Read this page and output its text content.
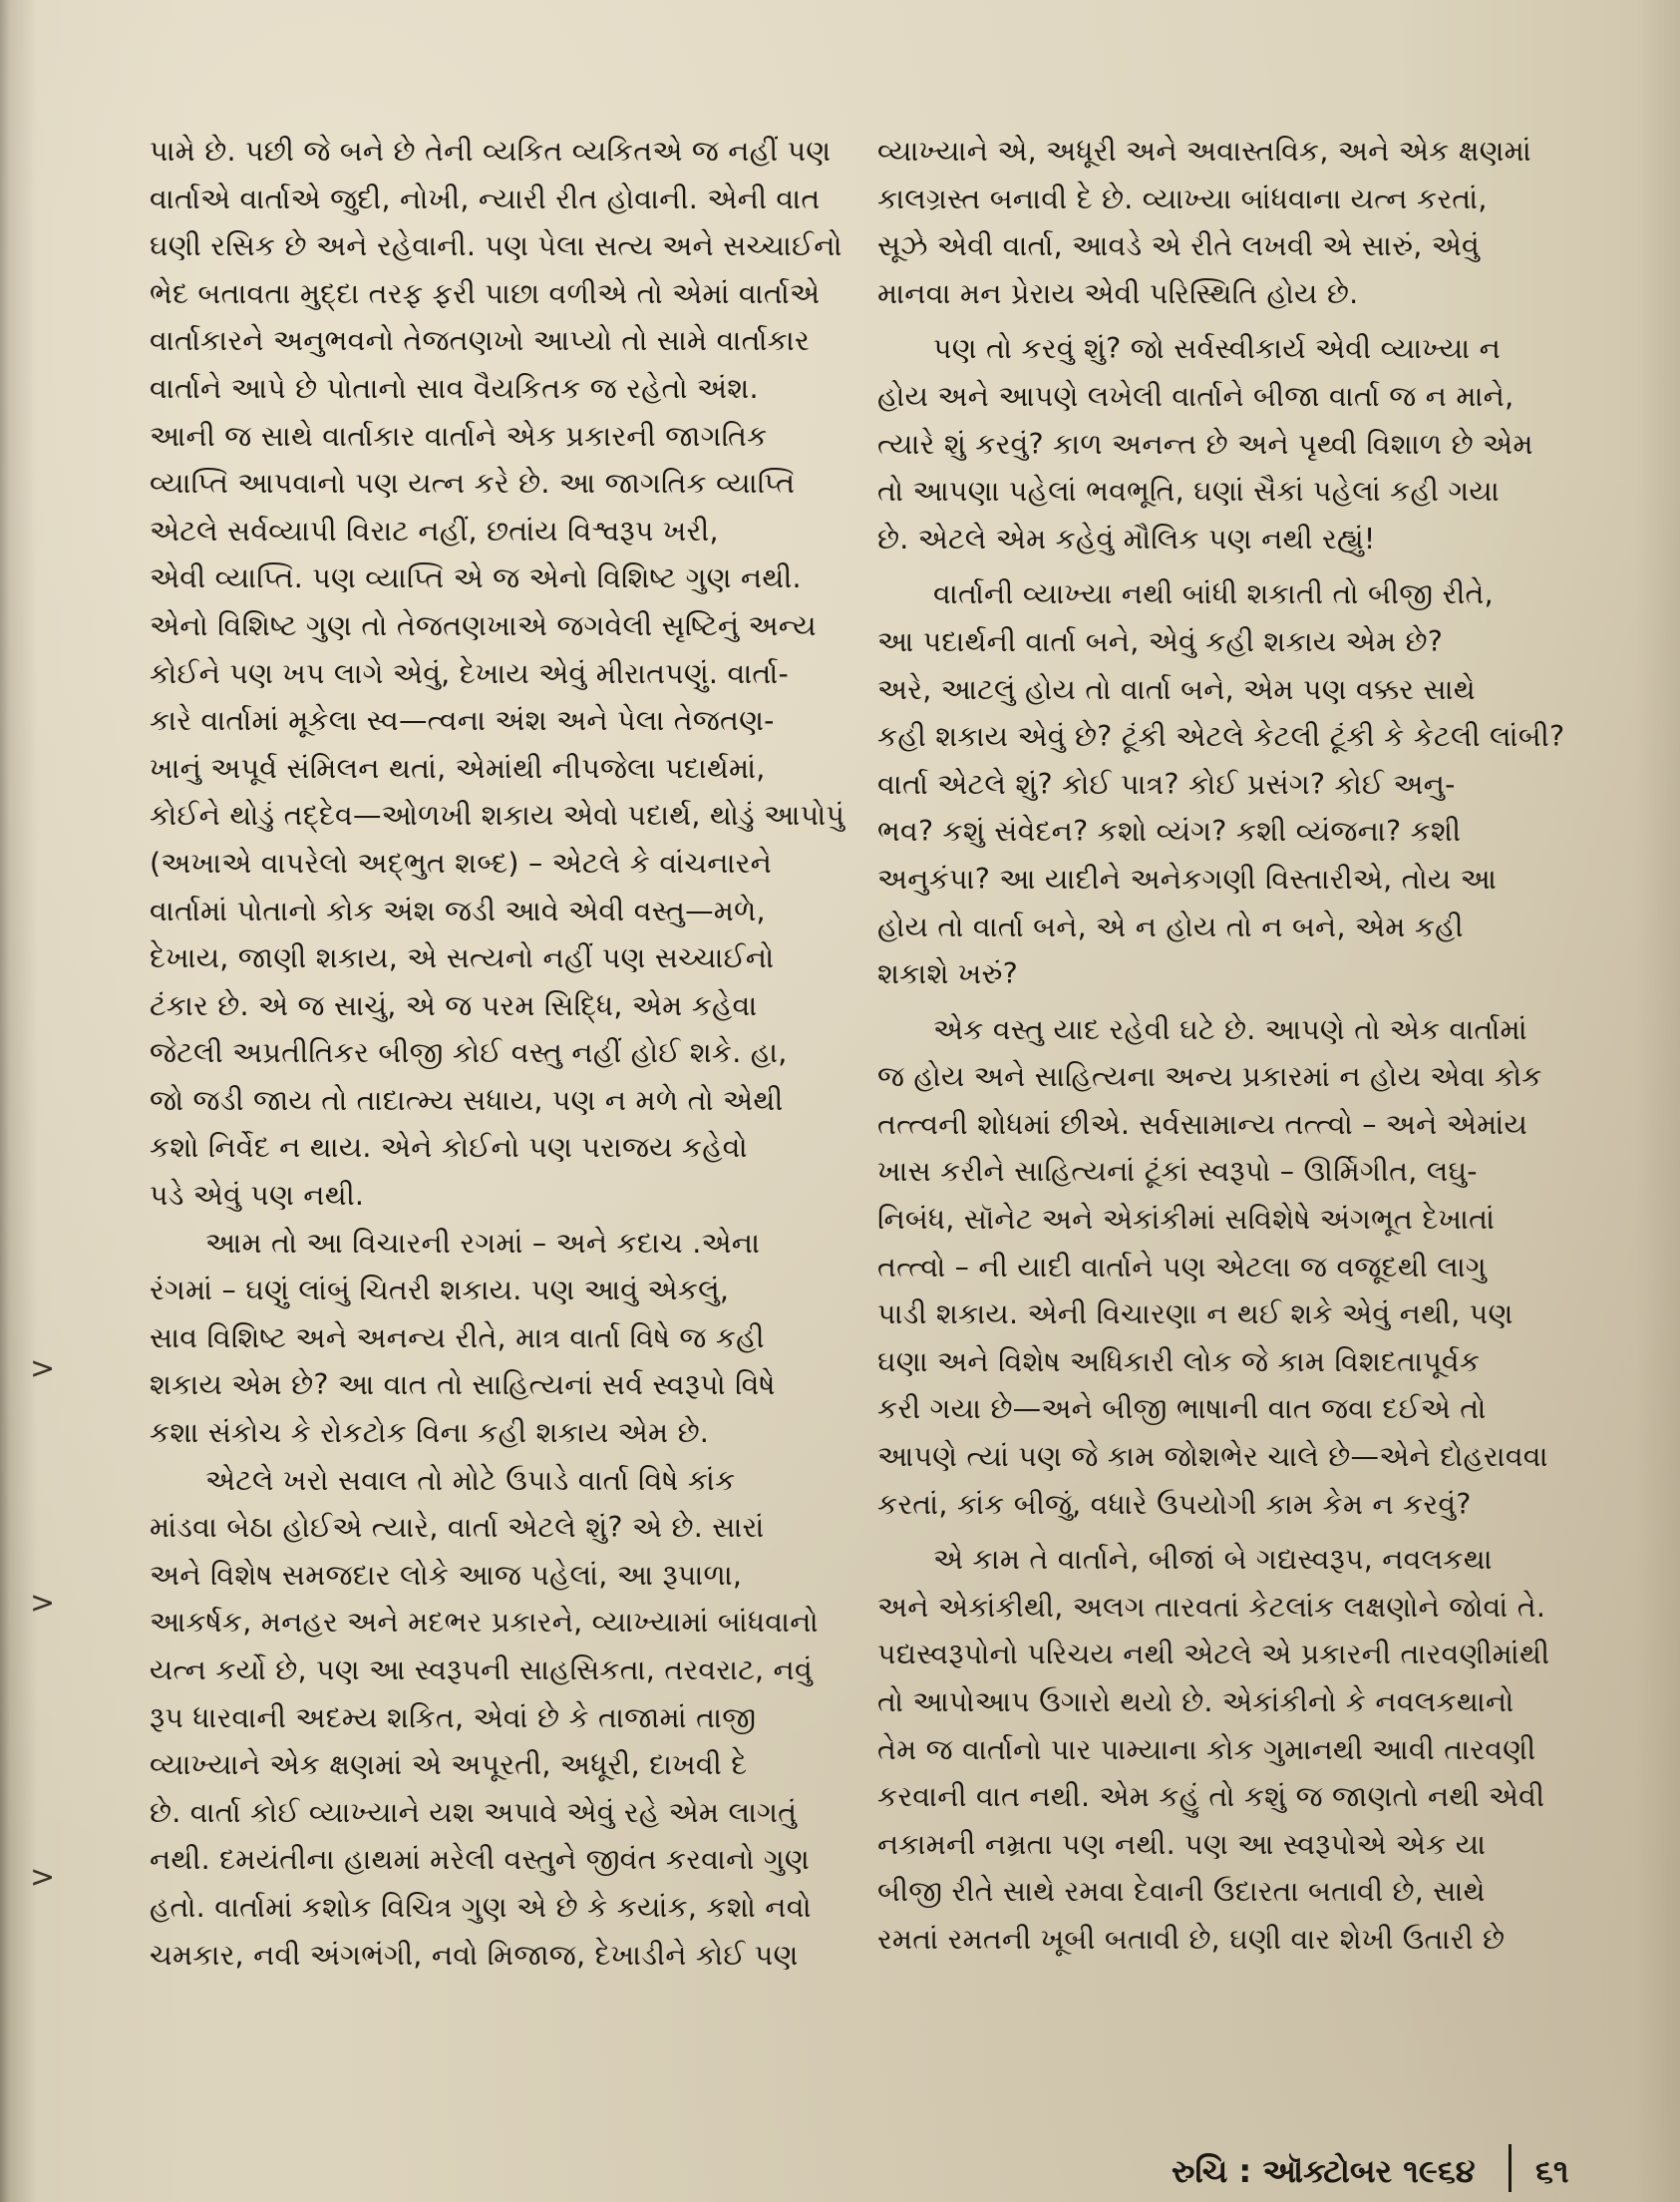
પામે છે. પછી જે બને છે તેની વ્યકિત વ્યકિતએ જ નહીં પણ

વાર્તાએ વાર્તાએ જુદી, નોખી, ન્યારી રીત હોવાની. એની વાત

ઘણી રસિક છે અને રહેવાની. પણ પેલા સત્ય અને સચ્ચાઈનો

ભેદ બતાવતા મુદ્દા તરફ ફરી પાછા વળીએ તો એમાં વાર્તાએ

વાર્તાકારને અનુભવનો તેજતણખો આપ્યો તો સામે વાર્તાકાર

વાર્તાને આપે છે પોતાનો સાવ વૈયકિતક જ રહેતો અંશ.

આની જ સાથે વાર્તાકાર વાર્તાને એક પ્રકારની જાગતિક

વ્યાપ્તિ આપવાનો પણ યત્ન કરે છે. આ જાગતિક વ્યાપ્તિ

એટલે સર્વવ્યાપી વિરાટ નહીં, છતાંય વિશ્વરૂપ ખરી,

એવી વ્યાપ્તિ. પણ વ્યાપ્તિ એ જ એનો વિશિષ્ટ ગુણ નથી.

એનો વિશિષ્ટ ગુણ તો તેજતણખાએ જગવેલી સૃષ્ટિનું અન્ય

કોઈને પણ ખપ લાગે એવું, દેખાય એવું મીરાતપણું. વાર્તા-

કારે વાર્તામાં મૂકેલા સ્વ—ત્વના અંશ અને પેલા તેજતણ-

ખાનું અપૂર્વ સંમિલન થતાં, એમાંથી નીપજેલા પદાર્થમાં,

કોઈને થોડું તદ્દેવ—ઓળખી શકાય એવો પદાર્થ, થોડું આપોપું

(અખાએ વાપરેલો અદ્ભુત શબ્દ) – એટલે કે વાંચનારને

વાર્તામાં પોતાનો કોક અંશ જડી આવે એવી વસ્તુ—મળે,

દેખાય, જાણી શકાય, એ સત્યનો નહીં પણ સચ્ચાઈનો

ટંકાર છે. એ જ સાચું, એ જ પરમ સિદ્ધિ, એમ કહેવા

જેટલી અપ્રતીતિકર બીજી કોઈ વસ્તુ નહીં હોઈ શકે. હા,

જો જડી જાય તો તાદાત્મ્ય સધાય, પણ ન મળે તો એથી

કશો નિર્વેદ ન થાય. એને કોઈનો પણ પરાજય કહેવો

પડે એવું પણ નથી.

આમ તો આ વિચારની રગમાં – અને કદાચ .એના

રંગમાં – ઘણું લાંબું ચિતરી શકાય. પણ આવું એકલું,

સાવ વિશિષ્ટ અને અનન્ય રીતે, માત્ર વાર્તા વિષે જ કહી

શકાય એમ છે? આ વાત તો સાહિત્યનાં સર્વ સ્વરૂપો વિષે

કશા સંકોચ કે રોકટોક વિના કહી શકાય એમ છે.

એટલે ખરો સવાલ તો મોટે ઉપાડે વાર્તા વિષે કાંક

માંડવા બેઠા હોઈએ ત્યારે, વાર્તા એટલે શું? એ છે. સારાં

અને વિશેષ સમજદાર લોકે આજ પહેલાં, આ રૂપાળા,

આકર્ષક, મનહર અને મદભર પ્રકારને, વ્યાખ્યામાં બાંધવાનો

યત્ન કર્યો છે, પણ આ સ્વરૂપની સાહસિકતા, તરવરાટ, નવું

રૂપ ધારવાની અદમ્ય શકિત, એવાં છે કે તાજામાં તાજી

વ્યાખ્યાને એક ક્ષણમાં એ અપૂરતી, અધૂરી, દાખવી દે

છે. વાર્તા કોઈ વ્યાખ્યાને યશ અપાવે એવું રહે એમ લાગતું

નથી. દમયંતીના હાથમાં મરેલી વસ્તુને જીવંત કરવાનો ગુણ

હતો. વાર્તામાં કશોક વિચિત્ર ગુણ એ છે કે કયાંક, કશો નવો

ચમકાર, નવી અંગભંગી, નવો મિજાજ, દેખાડીને કોઈ પણ

વ્યાખ્યાને એ, અધૂરી અને અવાસ્તવિક, અને એક ક્ષણમાં

કાલગ્રસ્ત બનાવી દે છે. વ્યાખ્યા બાંધવાના યત્ન કરતાં,

સૂઝે એવી વાર્તા, આવડે એ રીતે લખવી એ સારું, એવું

માનવા મન પ્રેરાય એવી પરિસ્થિતિ હોય છે.

પણ તો કરવું શું? જો સર્વસ્વીકાર્ય એવી વ્યાખ્યા ન

હોય અને આપણે લખેલી વાર્તાને બીજા વાર્તા જ ન માને,

ત્યારે શું કરવું? કાળ અનન્ત છે અને પૃથ્વી વિશાળ છે એમ

તો આપણા પહેલાં ભવભૂતિ, ઘણાં સૈકાં પહેલાં કહી ગયા

છે. એટલે એમ કહેવું મૌલિક પણ નથી રહ્યું!

વાર્તાની વ્યાખ્યા નથી બાંધી શકાતી તો બીજી રીતે,

આ પદાર્થની વાર્તા બને, એવું કહી શકાય એમ છે?

અરે, આટલું હોય તો વાર્તા બને, એમ પણ વક્કર સાથે

કહી શકાય એવું છે? ટૂંકી એટલે કેટલી ટૂંકી કે કેટલી લાંબી?

વાર્તા એટલે શું? કોઈ પાત્ર? કોઈ પ્રસંગ? કોઈ અનુ-

ભવ? કશું સંવેદન? કશો વ્યંગ? કશી વ્યંજના? કશી

અનુકંપા? આ યાદીને અનેકગણી વિસ્તારીએ, તોય આ

હોય તો વાર્તા બને, એ ન હોય તો ન બને, એમ કહી

શકાશે ખરું?

એક વસ્તુ યાદ રહેવી ઘટે છે. આપણે તો એક વાર્તામાં

જ હોય અને સાહિત્યના અન્ય પ્રકારમાં ન હોય એવા કોક

તત્ત્વની શોધમાં છીએ. સર્વસામાન્ય તત્ત્વો – અને એમાંય

ખાસ કરીને સાહિત્યનાં ટૂંકાં સ્વરૂપો – ઊર્મિગીત, લઘુ-

નિબંધ, સૉનેટ અને એકાંકીમાં સવિશેષે અંગભૂત દેખાતાં

તત્ત્વો – ની યાદી વાર્તાને પણ એટલા જ વજૂદથી લાગુ

પાડી શકાય. એની વિચારણા ન થઈ શકે એવું નથી, પણ

ઘણા અને વિશેષ અધિકારી લોક જે કામ વિશદતાપૂર્વક

કરી ગયા છે—અને બીજી ભાષાની વાત જવા દઈએ તો

આપણે ત્યાં પણ જે કામ જોશભેર ચાલે છે—એને દોહરાવવા

કરતાં, કાંક બીજું, વધારે ઉપયોગી કામ કેમ ન કરવું?

એ કામ તે વાર્તાને, બીજાં બે ગદ્યસ્વરૂપ, નવલકથા

અને એકાંકીથી, અલગ તારવતાં કેટલાંક લક્ષણોને જોવાં તે.

પદ્યસ્વરૂપોનો પરિચય નથી એટલે એ પ્રકારની તારવણીમાંથી

તો આપોઆપ ઉગારો થયો છે. એકાંકીનો કે નવલકથાનો

તેમ જ વાર્તાનો પાર પામ્યાના કોક ગુમાનથી આવી તારવણી

કરવાની વાત નથી. એમ કહું તો કશું જ જાણતો નથી એવી

નકામની નમ્રતા પણ નથી. પણ આ સ્વરૂપોએ એક યા

બીજી રીતે સાથે રમવા દેવાની ઉદારતા બતાવી છે, સાથે

રમતાં રમતની ખૂબી બતાવી છે, ઘણી વાર શેખી ઉતારી છે

>
>
>
રુચિ : ઑક્ટોબર ૧૯૬૪ ૬૧
